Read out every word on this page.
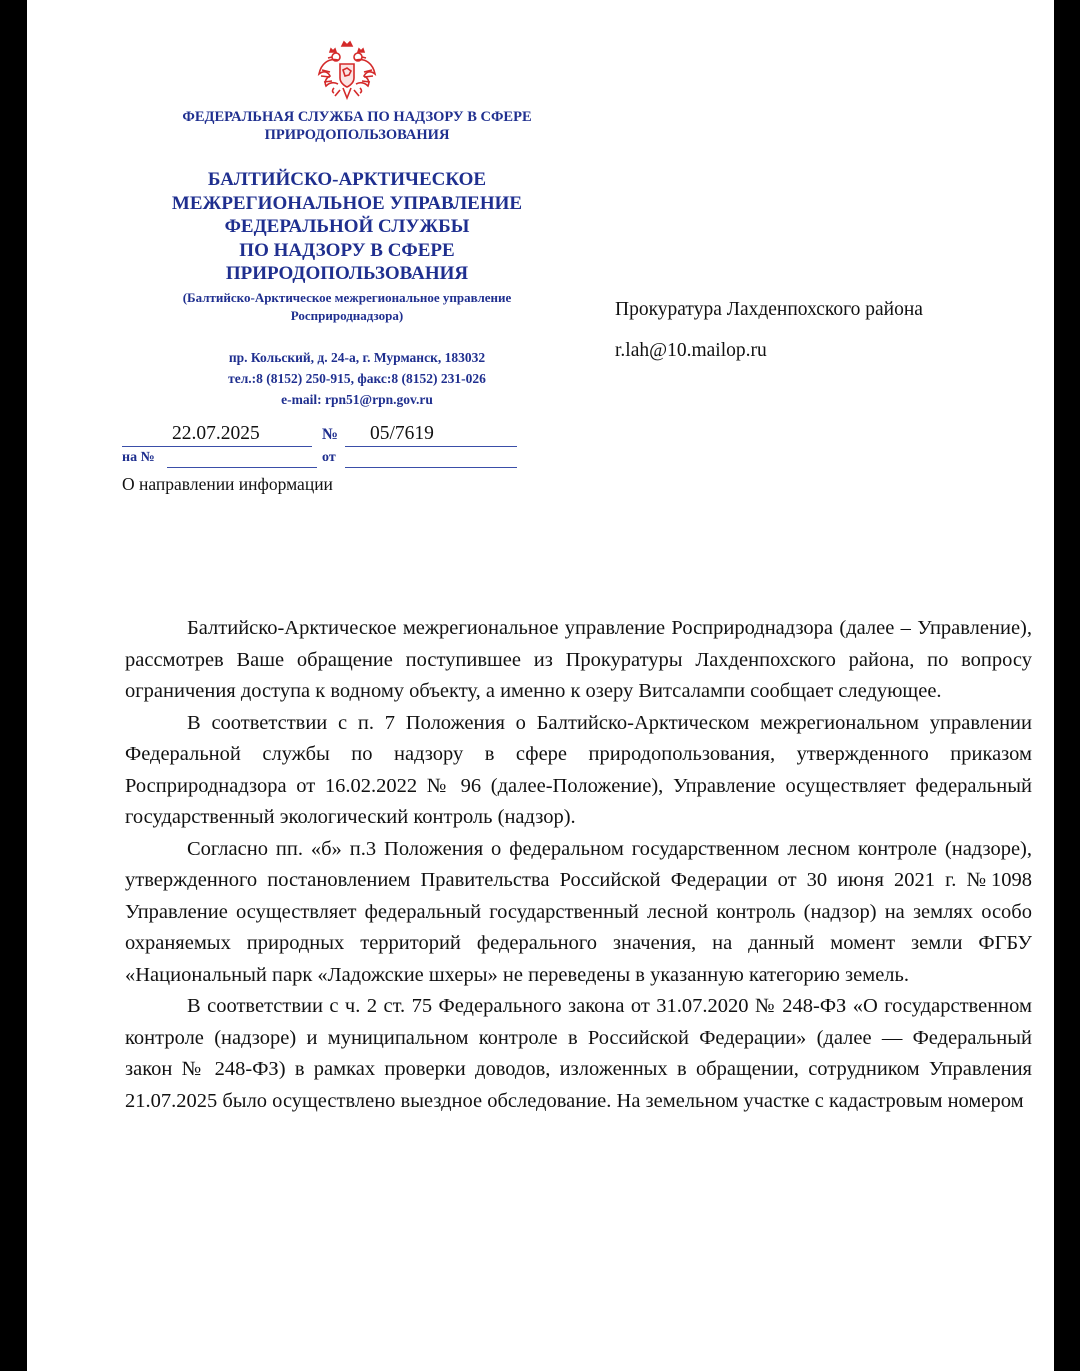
ФЕДЕРАЛЬНАЯ СЛУЖБА ПО НАДЗОРУ В СФЕРЕ ПРИРОДОПОЛЬЗОВАНИЯ
БАЛТИЙСКО-АРКТИЧЕСКОЕ
МЕЖРЕГИОНАЛЬНОЕ УПРАВЛЕНИЕ
ФЕДЕРАЛЬНОЙ СЛУЖБЫ
ПО НАДЗОРУ В СФЕРЕ
ПРИРОДОПОЛЬЗОВАНИЯ
(Балтийско-Арктическое межрегиональное управление Росприроднадзора)
пр. Кольский, д. 24-а, г. Мурманск, 183032
тел.:8 (8152) 250-915, факс:8 (8152) 231-026
e-mail: rpn51@rpn.gov.ru
22.07.2025	№ 05/7619
на №	от
О направлении информации
Прокуратура Лахденпохского района
r.lah@10.mailop.ru

Балтийско-Арктическое межрегиональное управление Росприроднадзора (далее – Управление), рассмотрев Ваше обращение поступившее из Прокуратуры Лахденпохского района, по вопросу ограничения доступа к водному объекту, а именно к озеру Витсалампи сообщает следующее.

В соответствии с п. 7 Положения о Балтийско-Арктическом межрегиональном управлении Федеральной службы по надзору в сфере природопользования, утвержденного приказом Росприроднадзора от 16.02.2022 № 96 (далее-Положение), Управление осуществляет федеральный государственный экологический контроль (надзор).

Согласно пп. «б» п.3 Положения о федеральном государственном лесном контроле (надзоре), утвержденного постановлением Правительства Российской Федерации от 30 июня 2021 г. №1098 Управление осуществляет федеральный государственный лесной контроль (надзор) на землях особо охраняемых природных территорий федерального значения, на данный момент земли ФГБУ «Национальный парк «Ладожские шхеры» не переведены в указанную категорию земель.

В соответствии с ч. 2 ст. 75 Федерального закона от 31.07.2020 № 248-ФЗ «О государственном контроле (надзоре) и муниципальном контроле в Российской Федерации» (далее — Федеральный закон № 248-ФЗ) в рамках проверки доводов, изложенных в обращении, сотрудником Управления 21.07.2025 было осуществлено выездное обследование. На земельном участке с кадастровым номером
